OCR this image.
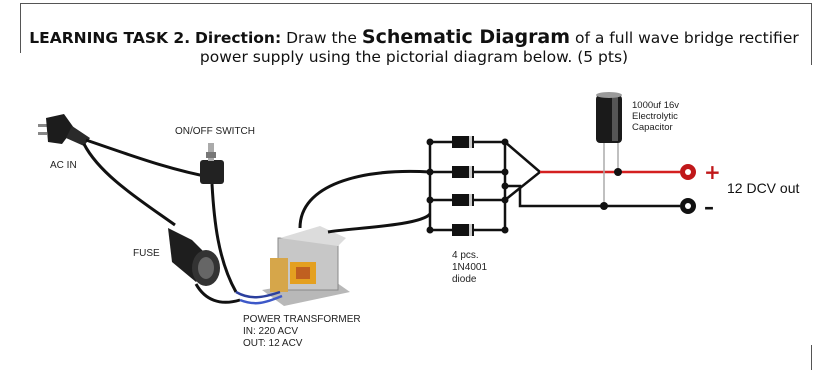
LEARNING TASK 2. Direction: Draw the Schematic Diagram of a full wave bridge rectifier
power supply using the pictorial diagram below. (5 pts)
AC IN
ON/OFF SWITCH
FUSE
POWER TRANSFORMER
IN: 220 ACV
OUT: 12 ACV
4 pcs.
1N4001
diode
1000uf 16v
Electrolytic
Capacitor
+
–
12 DCV out
